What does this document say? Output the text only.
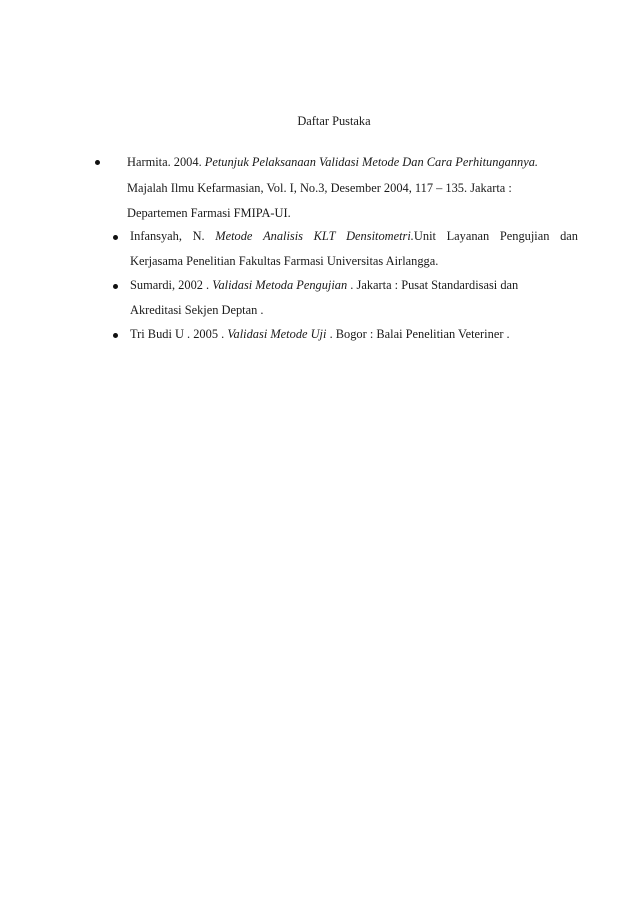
Daftar Pustaka
Harmita. 2004. Petunjuk Pelaksanaan Validasi Metode Dan Cara Perhitungannya.
Majalah Ilmu Kefarmasian, Vol. I, No.3, Desember 2004, 117 – 135. Jakarta :
Departemen Farmasi FMIPA-UI.
Infansyah, N. Metode Analisis KLT Densitometri.Unit Layanan Pengujian dan
Kerjasama Penelitian Fakultas Farmasi Universitas Airlangga.
Sumardi, 2002 . Validasi Metoda Pengujian . Jakarta : Pusat Standardisasi dan
Akreditasi Sekjen Deptan .
Tri Budi U . 2005 . Validasi Metode Uji . Bogor : Balai Penelitian Veteriner .
